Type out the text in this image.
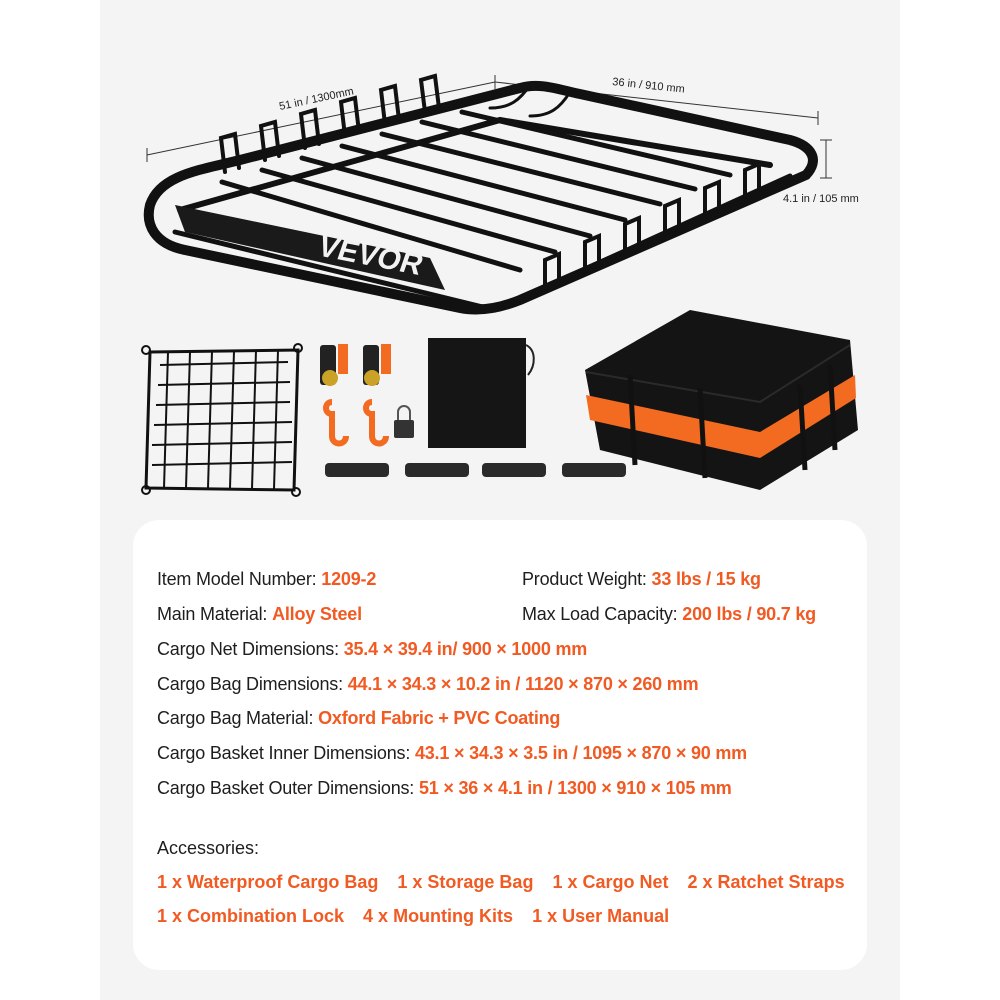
51 in / 1300mm	36 in / 910 mm
4.1 in / 105 mm
VEVOR
Item Model Number: 1209-2	Product Weight: 33 lbs / 15 kg
Main Material: Alloy Steel	Max Load Capacity: 200 lbs / 90.7 kg
Cargo Net Dimensions: 35.4 × 39.4 in/ 900 × 1000 mm
Cargo Bag Dimensions: 44.1 × 34.3 × 10.2 in / 1120 × 870 × 260 mm
Cargo Bag Material: Oxford Fabric + PVC Coating
Cargo Basket Inner Dimensions: 43.1 × 34.3 × 3.5 in / 1095 × 870 × 90 mm
Cargo Basket Outer Dimensions: 51 × 36 × 4.1 in / 1300 × 910 × 105 mm
Accessories:
1 x Waterproof Cargo Bag 1 x Storage Bag 1 x Cargo Net 2 x Ratchet Straps
1 x Combination Lock 4 x Mounting Kits 1 x User Manual
